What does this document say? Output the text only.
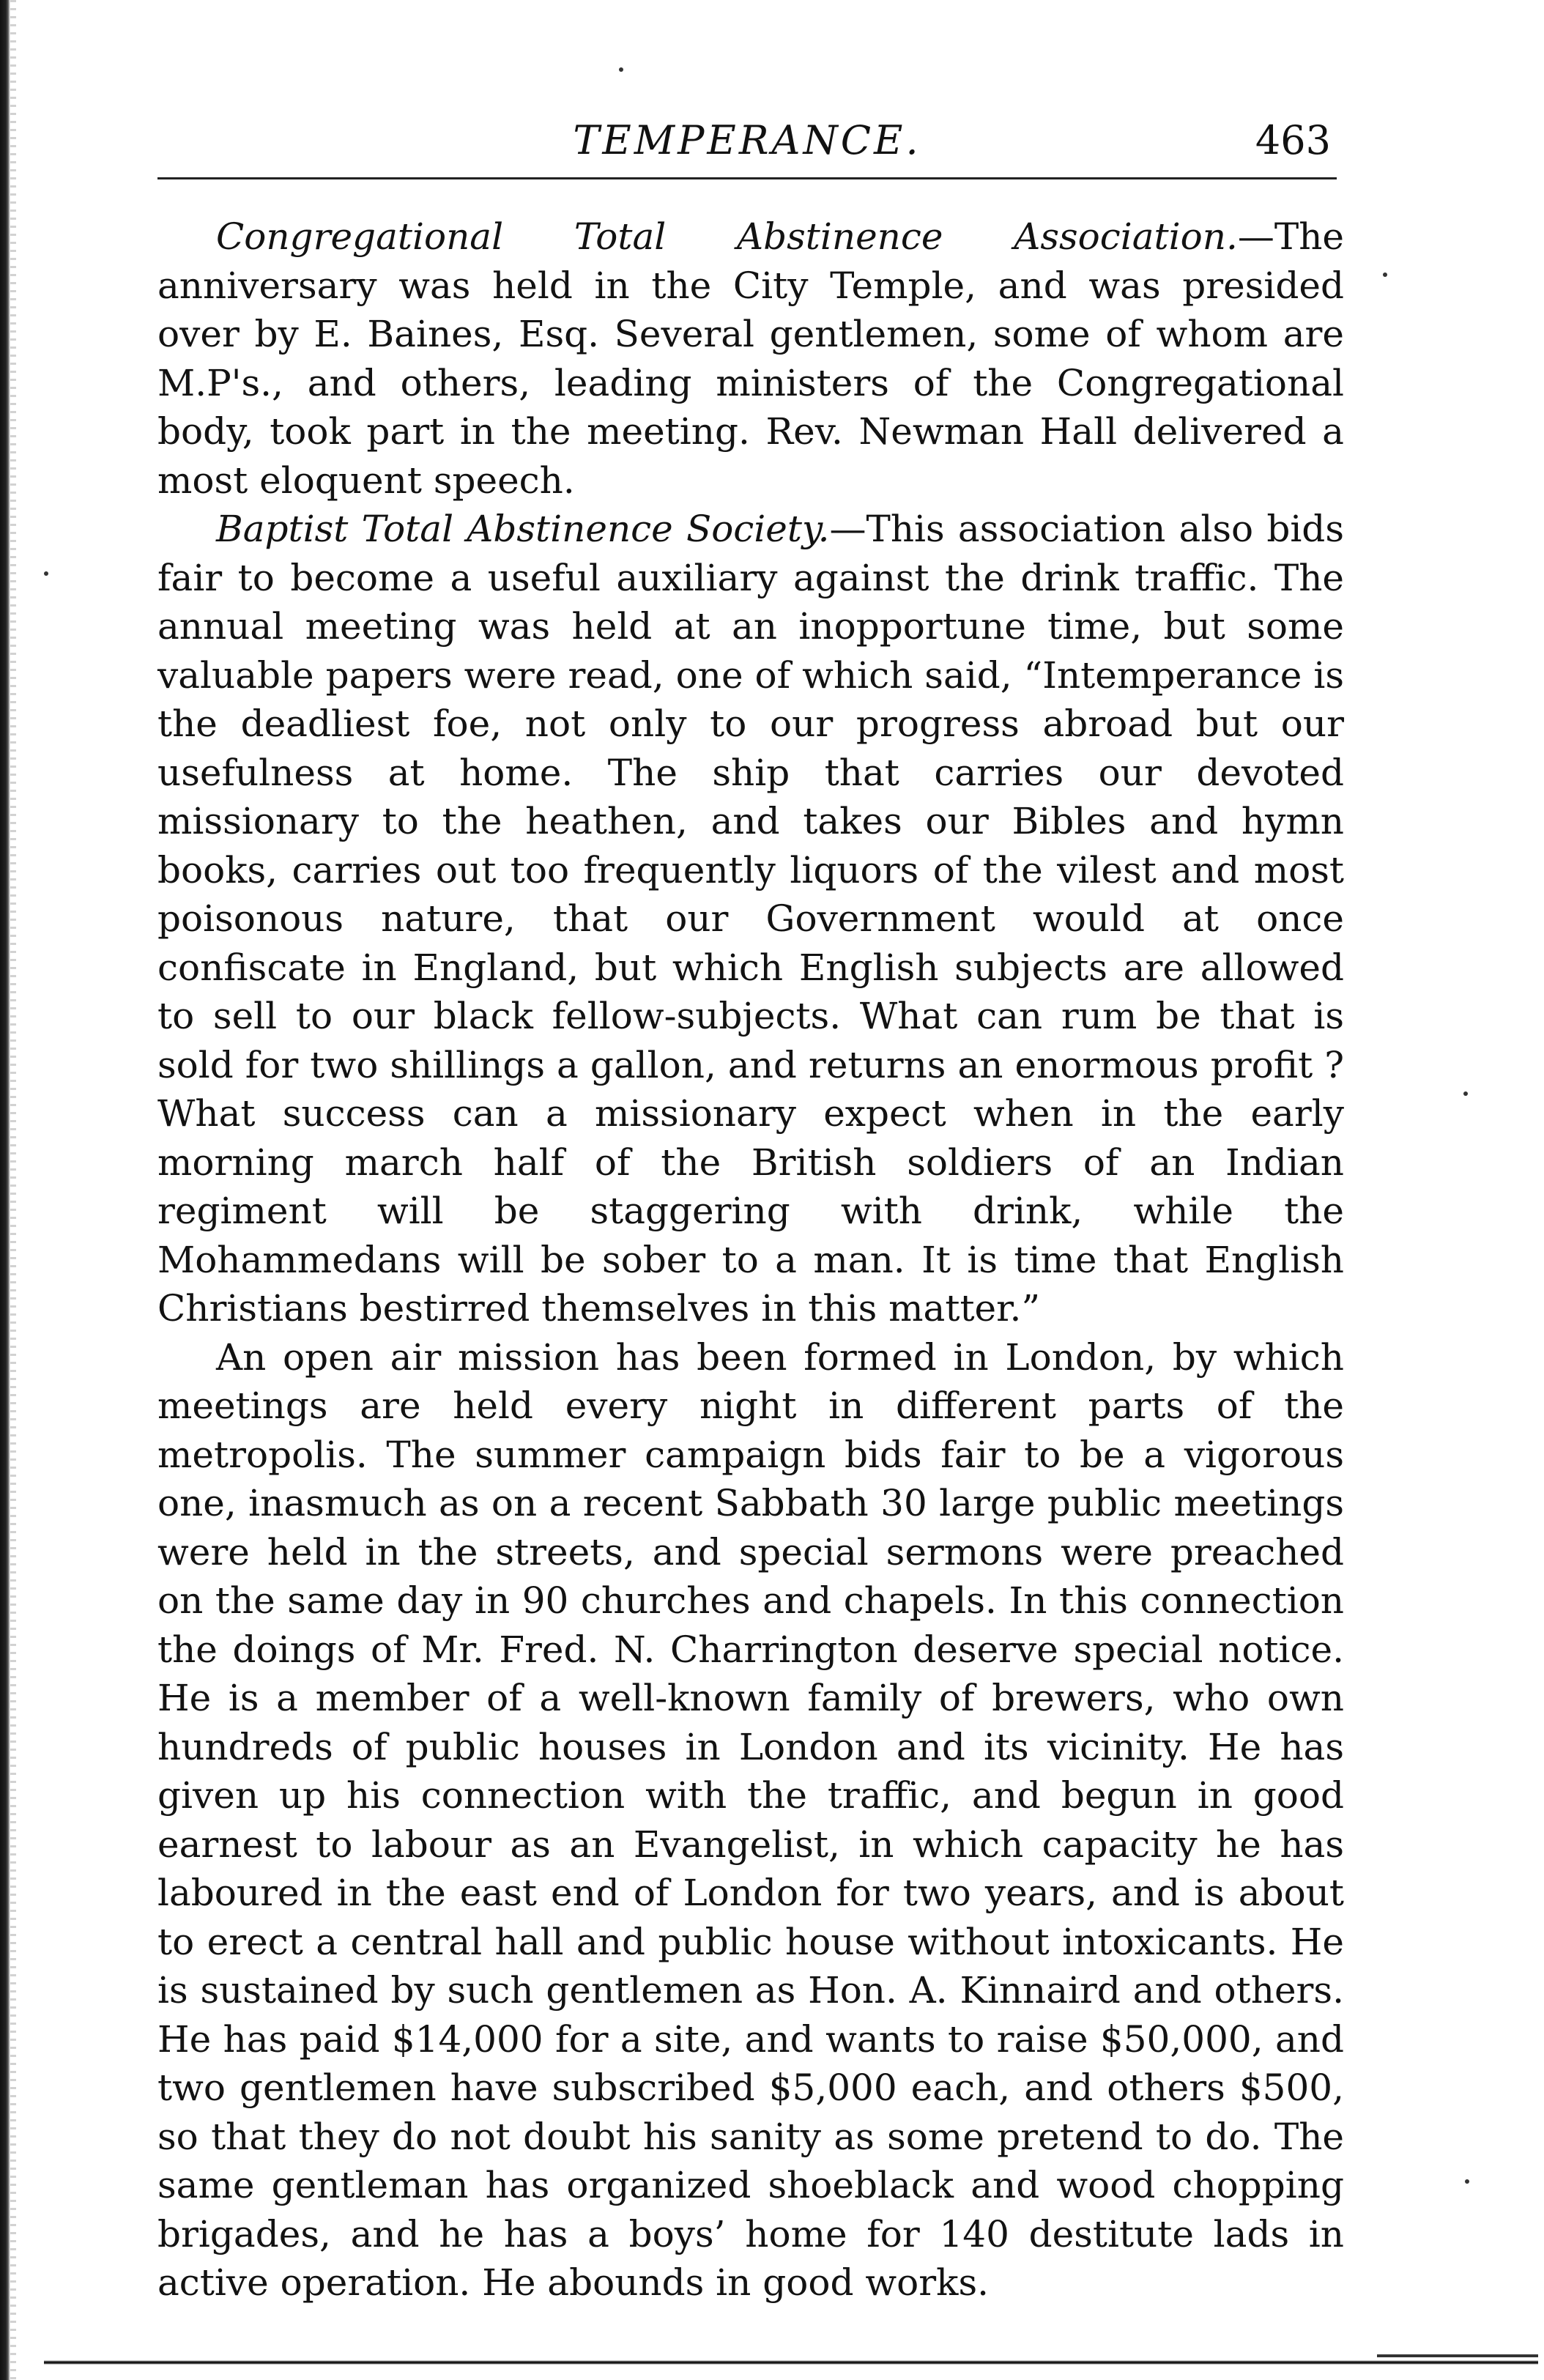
TEMPERANCE.	463

Congregational Total Abstinence Association.—The anniversary was held in the City Temple, and was presided over by E. Baines, Esq. Several gentlemen, some of whom are M.P's., and others, leading ministers of the Congregational body, took part in the meeting. Rev. Newman Hall delivered a most eloquent speech.

Baptist Total Abstinence Society.—This association also bids fair to become a useful auxiliary against the drink traffic. The annual meeting was held at an inopportune time, but some valuable papers were read, one of which said, “Intemperance is the deadliest foe, not only to our progress abroad but our usefulness at home. The ship that carries our devoted missionary to the heathen, and takes our Bibles and hymn books, carries out too frequently liquors of the vilest and most poisonous nature, that our Government would at once confiscate in England, but which English subjects are allowed to sell to our black fellow-subjects. What can rum be that is sold for two shillings a gallon, and returns an enormous profit ? What success can a missionary expect when in the early morning march half of the British soldiers of an Indian regiment will be staggering with drink, while the Mohammedans will be sober to a man. It is time that English Christians bestirred themselves in this matter.”

An open air mission has been formed in London, by which meetings are held every night in different parts of the metropolis. The summer campaign bids fair to be a vigorous one, inasmuch as on a recent Sabbath 30 large public meetings were held in the streets, and special sermons were preached on the same day in 90 churches and chapels. In this connection the doings of Mr. Fred. N. Charrington deserve special notice. He is a member of a well-known family of brewers, who own hundreds of public houses in London and its vicinity. He has given up his connection with the traffic, and begun in good earnest to labour as an Evangelist, in which capacity he has laboured in the east end of London for two years, and is about to erect a central hall and public house without intoxicants. He is sustained by such gentlemen as Hon. A. Kinnaird and others. He has paid $14,000 for a site, and wants to raise $50,000, and two gentlemen have subscribed $5,000 each, and others $500, so that they do not doubt his sanity as some pretend to do. The same gentleman has organized shoeblack and wood chopping brigades, and he has a boys’ home for 140 destitute lads in active operation. He abounds in good works.
